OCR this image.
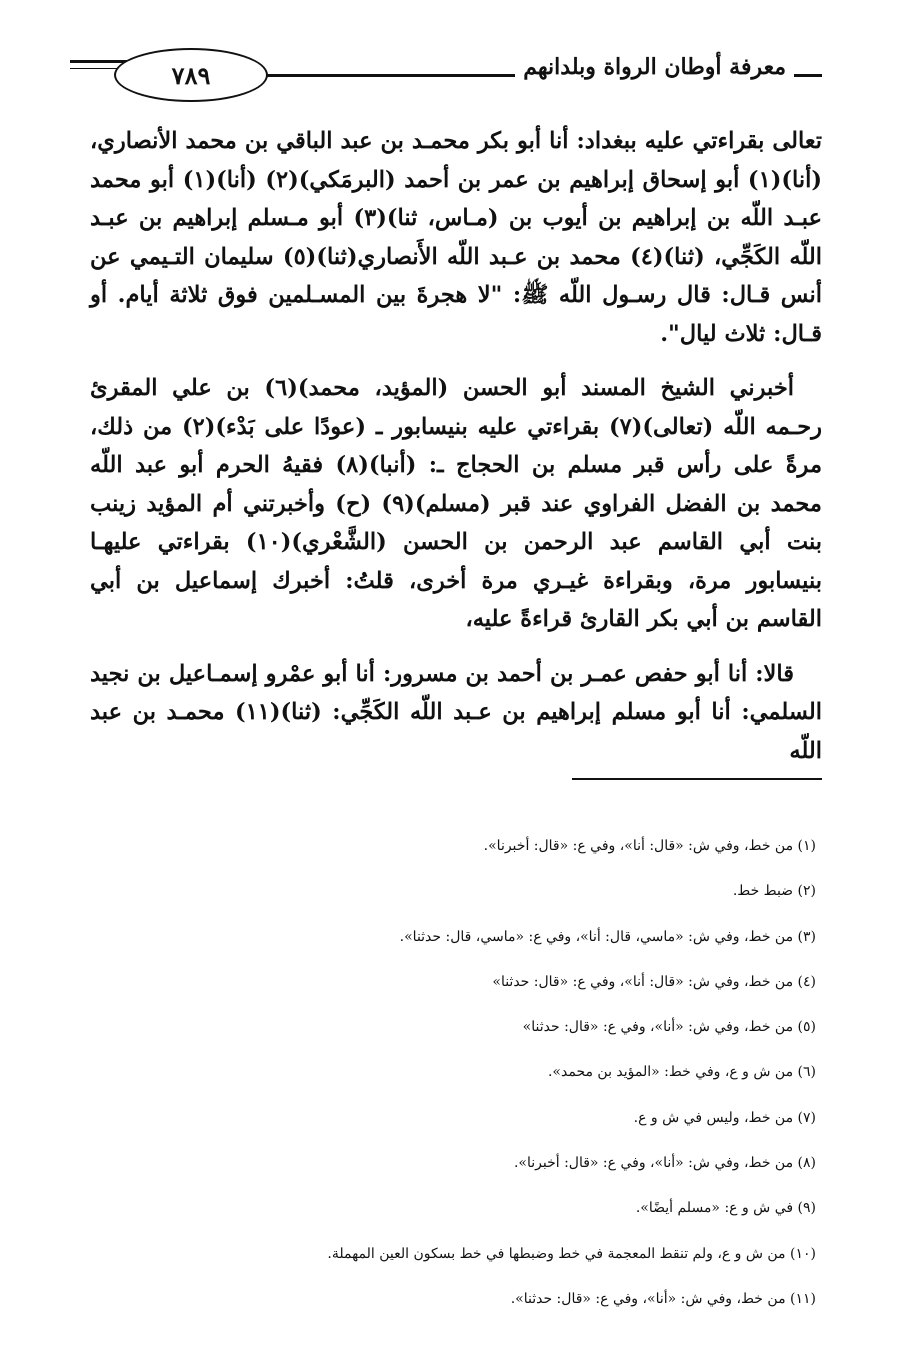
٧٨٩	معرفة أوطان الرواة وبلدانهم

تعالى بقراءتي عليه ببغداد: أنا أبو بكر محمـد بن عبد الباقي بن محمد الأنصاري، (أنا)(١) أبو إسحاق إبراهيم بن عمر بن أحمد (البرمَكي)(٢) (أنا)(١) أبو محمد عبـد اللّه بن إبراهيم بن أيوب بن (مـاس، ثنا)(٣) أبو مـسلم إبراهيم بن عبـد اللّه الكَجِّي، (ثنا)(٤) محمد بن عـبد اللّه الأَنصاري(ثنا)(٥) سليمان التـيمي عن أنس قـال: قال رسـول اللّه ﷺ: "لا هجرةَ بين المسـلمين فوق ثلاثة أيام. أو قـال: ثلاث ليال".

أخبرني الشيخ المسند أبو الحسن (المؤيد، محمد)(٦) بن علي المقرئ رحـمه اللّه (تعالى)(٧) بقراءتي عليه بنيسابور ـ (عودًا على بَدْء)(٢) من ذلك، مرةً على رأس قبر مسلم بن الحجاج ـ: (أنبا)(٨) فقيهُ الحرم أبو عبد اللّه محمد بن الفضل الفراوي عند قبر (مسلم)(٩) (ح) وأخبرتني أم المؤيد زينب بنت أبي القاسم عبد الرحمن بن الحسن (الشَّعْري)(١٠) بقراءتي عليهـا بنيسابور مرة، وبقراءة غيـري مرة أخرى، قلتُ: أخبرك إسماعيل بن أبي القاسم بن أبي بكر القارئ قراءةً عليه،

قالا: أنا أبو حفص عمـر بن أحمد بن مسرور: أنا أبو عمْرو إسمـاعيل بن نجيد السلمي: أنا أبو مسلم إبراهيم بن عـبد اللّه الكَجِّي: (ثنا)(١١) محمـد بن عبد اللّه

(١) من خط، وفي ش: «قال: أنا»، وفي ع: «قال: أخبرنا».
(٢) ضبط خط.
(٣) من خط، وفي ش: «ماسي، قال: أنا»، وفي ع: «ماسي، قال: حدثنا».
(٤) من خط، وفي ش: «قال: أنا»، وفي ع: «قال: حدثنا»
(٥) من خط، وفي ش: «أنا»، وفي ع: «قال: حدثنا»
(٦) من ش و ع، وفي خط: «المؤيد بن محمد».
(٧) من خط، وليس في ش و ع.
(٨) من خط، وفي ش: «أنا»، وفي ع: «قال: أخبرنا».
(٩) في ش و ع: «مسلم أيضًا».
(١٠) من ش و ع، ولم تنقط المعجمة في خط وضبطها في خط بسكون العين المهملة.
(١١) من خط، وفي ش: «أنا»، وفي ع: «قال: حدثنا».
